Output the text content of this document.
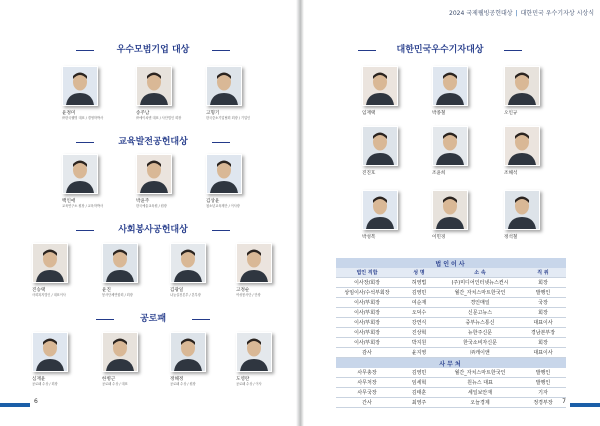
2024 국제웰빙공헌대상 | 대한민국 우수기자상 시상식
우수모범기업 대상
윤정미
㈜한국웰빙 대표 / 경영학박사
송주남
㈜에이치앤 대표 / 사단법인 회장
고형기
한국중소기업협회 회장 / 기업인
교육발전공헌대상
백인애
교육연구소 원장 / 교육학박사
박윤주
한국예술교육원 / 원장
김상윤
청소년교육재단 / 이사장
사회봉사공헌대상
진승택
사회복지법인 / 대표이사
윤진
봉사단체연합회 / 회장
김광일
나눔실천본부 / 본부장
고정순
여성봉사단 / 단장
공로패
심재윤
공로패 수상 / 회장
한병근
공로패 수상 / 대표
정해정
공로패 수상 / 원장
도영란
공로패 수상 / 이사
대한민국우수기자대상
임재택	박종철	오인규
진진호	조윤희	조해석
박성복	이민경	정석철
법인이사			
법인 직함	성 명	소 속	직 위
이사장/회장	허영법	(주)미디어인터넷뉴스컨시	회장
상임이사/수석부회장	김영민	월간_자치스마트한국인	발행인
이사/부회장	여순재	경인매일	국장
이사/부회장	오덕수	신문고뉴스	회장
이사/부회장	강연식	중부뉴스통신	대표이사
이사/부회장	진상혁	뉴한주신문	경남본부장
이사/부회장	박지원	한국소비자신문	회장
감사	윤지영	㈜캐이앤	대표이사
사무처			
사무총장	김영민	월간_자치스마트한국인	발행인
사무처장	임세혁	원뉴스 대표	발행인
사무국장	김태훈	세일보안재	기자
간사	최영주	오늘경제	정경부장
6	7
